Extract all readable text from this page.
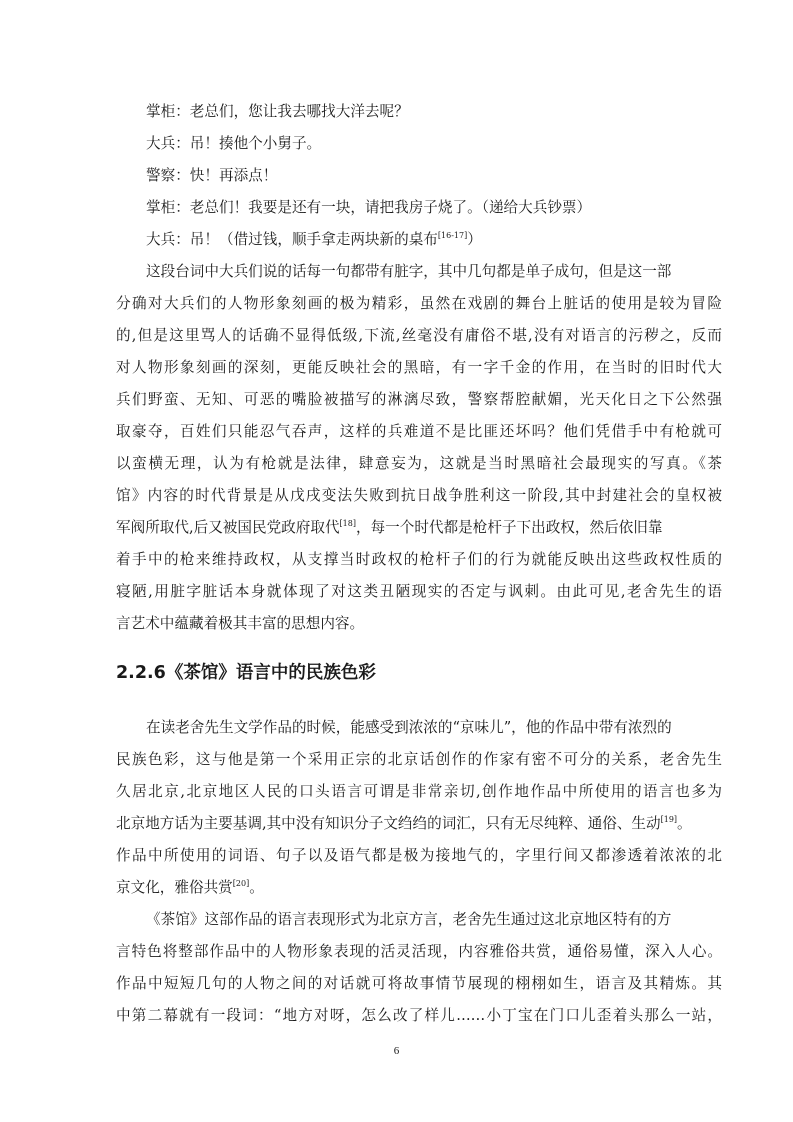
掌柜：老总们，您让我去哪找大洋去呢？
大兵：吊！揍他个小舅子。
警察：快！再添点！
掌柜：老总们！我要是还有一块，请把我房子烧了。（递给大兵钞票）
大兵：吊！（借过钱，顺手拿走两块新的桌布[16-17]）
这段台词中大兵们说的话每一句都带有脏字，其中几句都是单子成句，但是这一部
分确对大兵们的人物形象刻画的极为精彩，虽然在戏剧的舞台上脏话的使用是较为冒险
的,但是这里骂人的话确不显得低级,下流,丝毫没有庸俗不堪,没有对语言的污秽之，反而
对人物形象刻画的深刻，更能反映社会的黑暗，有一字千金的作用，在当时的旧时代大
兵们野蛮、无知、可恶的嘴脸被描写的淋漓尽致，警察帮腔献媚，光天化日之下公然强
取豪夺，百姓们只能忍气吞声，这样的兵难道不是比匪还坏吗？他们凭借手中有枪就可
以蛮横无理，认为有枪就是法律，肆意妄为，这就是当时黑暗社会最现实的写真。《茶
馆》内容的时代背景是从戊戌变法失败到抗日战争胜利这一阶段,其中封建社会的皇权被
军阀所取代,后又被国民党政府取代[18]，每一个时代都是枪杆子下出政权，然后依旧靠
着手中的枪来维持政权，从支撑当时政权的枪杆子们的行为就能反映出这些政权性质的
寝陋,用脏字脏话本身就体现了对这类丑陋现实的否定与讽刺。由此可见,老舍先生的语
言艺术中蕴藏着极其丰富的思想内容。
2.2.6《茶馆》语言中的民族色彩
在读老舍先生文学作品的时候，能感受到浓浓的“京味儿”，他的作品中带有浓烈的
民族色彩，这与他是第一个采用正宗的北京话创作的作家有密不可分的关系，老舍先生
久居北京,北京地区人民的口头语言可谓是非常亲切,创作地作品中所使用的语言也多为
北京地方话为主要基调,其中没有知识分子文绉绉的词汇，只有无尽纯粹、通俗、生动[19]。
作品中所使用的词语、句子以及语气都是极为接地气的，字里行间又都渗透着浓浓的北
京文化，雅俗共赏[20]。
《茶馆》这部作品的语言表现形式为北京方言，老舍先生通过这北京地区特有的方
言特色将整部作品中的人物形象表现的活灵活现，内容雅俗共赏，通俗易懂，深入人心。
作品中短短几句的人物之间的对话就可将故事情节展现的栩栩如生，语言及其精炼。其
中第二幕就有一段词：“地方对呀，怎么改了样儿……小丁宝在门口儿歪着头那么一站，
6
